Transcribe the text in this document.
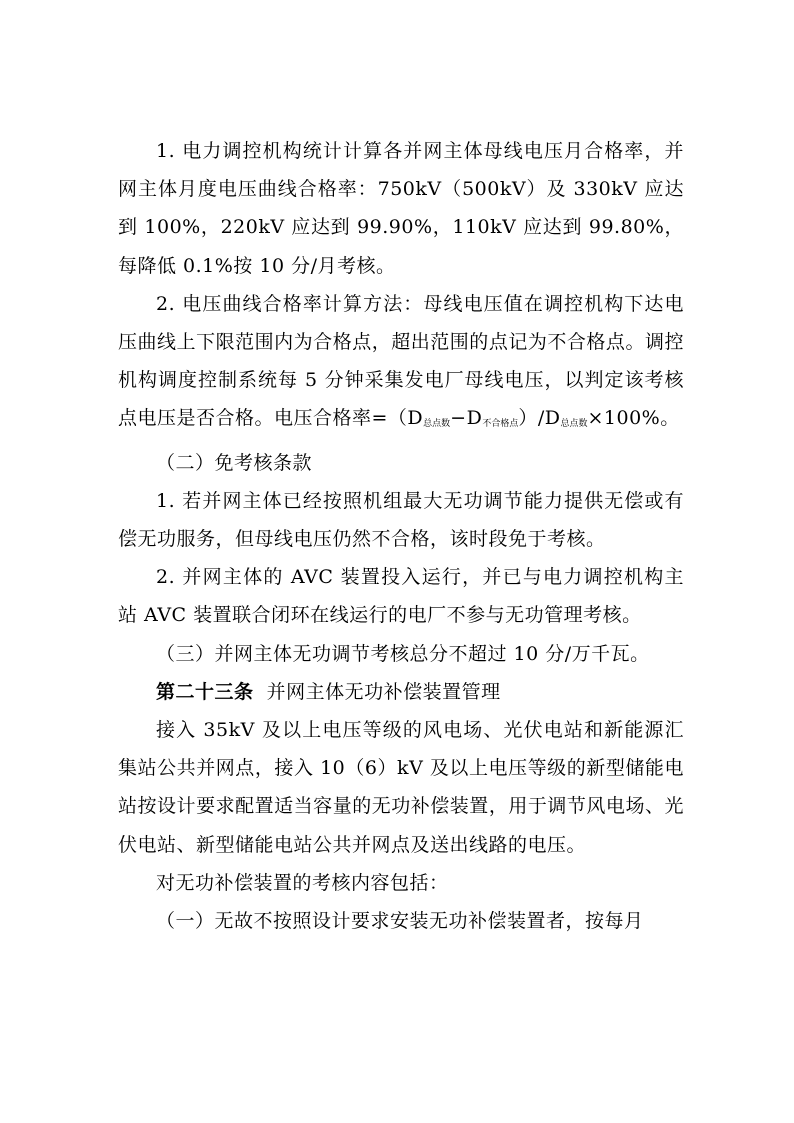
1. 电力调控机构统计计算各并网主体母线电压月合格率，并网主体月度电压曲线合格率：750kV（500kV）及 330kV 应达到 100%，220kV 应达到 99.90%，110kV 应达到 99.80%，每降低 0.1%按 10 分/月考核。

2. 电压曲线合格率计算方法：母线电压值在调控机构下达电压曲线上下限范围内为合格点，超出范围的点记为不合格点。调控机构调度控制系统每 5 分钟采集发电厂母线电压，以判定该考核点电压是否合格。电压合格率$=(D_{总点数}-D_{不合格点})/D_{总点数}\times 100\%$。

（二）免考核条款

1. 若并网主体已经按照机组最大无功调节能力提供无偿或有偿无功服务，但母线电压仍然不合格，该时段免于考核。

2. 并网主体的 AVC 装置投入运行，并已与电力调控机构主站 AVC 装置联合闭环在线运行的电厂不参与无功管理考核。

（三）并网主体无功调节考核总分不超过 10 分/万千瓦。

第二十三条 并网主体无功补偿装置管理

接入 35kV 及以上电压等级的风电场、光伏电站和新能源汇集站公共并网点，接入 10（6）kV 及以上电压等级的新型储能电站按设计要求配置适当容量的无功补偿装置，用于调节风电场、光伏电站、新型储能电站公共并网点及送出线路的电压。

对无功补偿装置的考核内容包括：

（一）无故不按照设计要求安装无功补偿装置者，按每月
